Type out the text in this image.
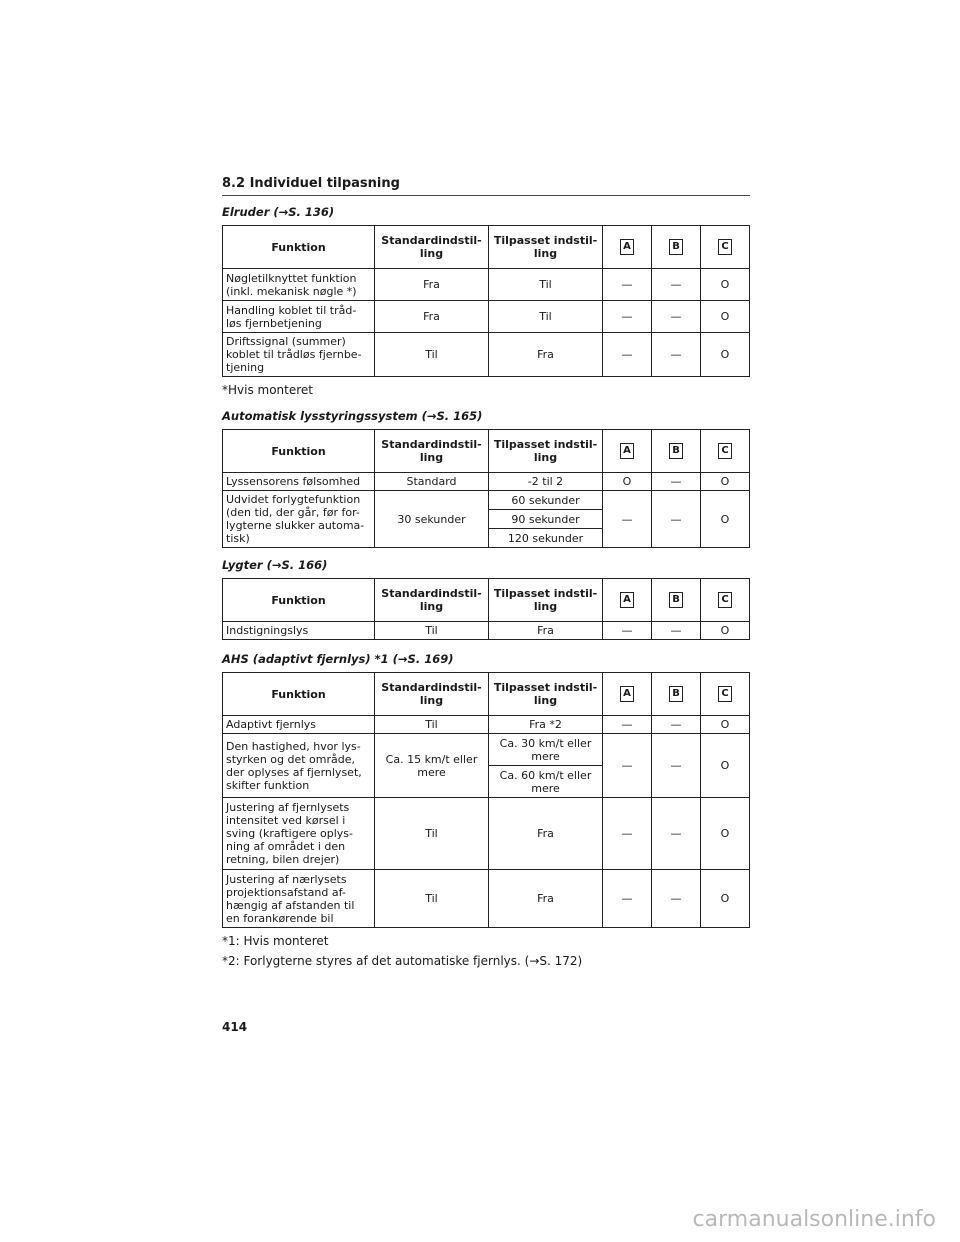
8.2 Individuel tilpasning
Elruder (→S. 136)
Funktion	Standardindstil-ling	Tilpasset indstil-ling	A	B	C
Nøgletilknyttet funktion (inkl. mekanisk nøgle *)	Fra	Til	—	—	O
Handling koblet til tråd-løs fjernbetjening	Fra	Til	—	—	O
Driftssignal (summer) koblet til trådløs fjernbe-tjening	Til	Fra	—	—	O
*Hvis monteret
Automatisk lysstyringssystem (→S. 165)
Funktion	Standardindstil-ling	Tilpasset indstil-ling	A	B	C
Lyssensorens følsomhed	Standard	-2 til 2	O	—	O
Udvidet forlygtefunktion (den tid, der går, før for-lygterne slukker automa-tisk)	30 sekunder	60 sekunder	—	—	O
		90 sekunder			
		120 sekunder			
Lygter (→S. 166)
Funktion	Standardindstil-ling	Tilpasset indstil-ling	A	B	C
Indstigningslys	Til	Fra	—	—	O
AHS (adaptivt fjernlys) *1 (→S. 169)
Funktion	Standardindstil-ling	Tilpasset indstil-ling	A	B	C
Adaptivt fjernlys	Til	Fra *2	—	—	O
Den hastighed, hvor lys-styrken og det område, der oplyses af fjernlyset, skifter funktion	Ca. 15 km/t eller mere	Ca. 30 km/t eller mere	—	—	O
		Ca. 60 km/t eller mere			
Justering af fjernlysets intensitet ved kørsel i sving (kraftigere oplys-ning af området i den retning, bilen drejer)	Til	Fra	—	—	O
Justering af nærlysets projektionsafstand af-hængig af afstanden til en forankørende bil	Til	Fra	—	—	O
*1: Hvis monteret
*2: Forlygterne styres af det automatiske fjernlys. (→S. 172)
414
carmanualsonline.info
